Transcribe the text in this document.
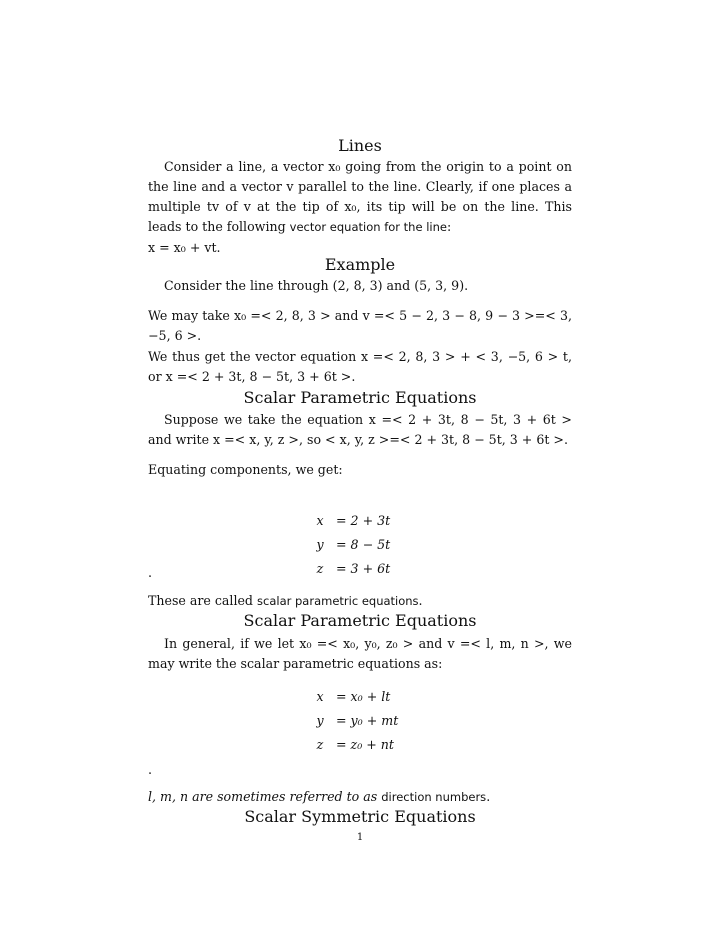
Lines
Consider a line, a vector x₀ going from the origin to a point on the line and a vector v parallel to the line. Clearly, if one places a multiple tv of v at the tip of x₀, its tip will be on the line. This leads to the following vector equation for the line:
x = x₀ + vt.
Example
Consider the line through (2, 8, 3) and (5, 3, 9).
We may take x₀ =< 2, 8, 3 > and v =< 5 − 2, 3 − 8, 9 − 3 >=< 3, −5, 6 >.
We thus get the vector equation x =< 2, 8, 3 > + < 3, −5, 6 > t, or x =< 2 + 3t, 8 − 5t, 3 + 6t >.
Scalar Parametric Equations
Suppose we take the equation x =< 2 + 3t, 8 − 5t, 3 + 6t > and write x =< x, y, z >, so < x, y, z >=< 2 + 3t, 8 − 5t, 3 + 6t >.
Equating components, we get:
x = 2 + 3t
y = 8 − 5t
z	= 3 + 6t
.
These are called scalar parametric equations.
Scalar Parametric Equations
In general, if we let x₀ =< x₀, y₀, z₀ > and v =< l, m, n >, we may write the scalar parametric equations as:
x = x₀ + lt
y = y₀ + mt
z	= z₀ + nt
.
l, m, n are sometimes referred to as direction numbers.
Scalar Symmetric Equations
1
